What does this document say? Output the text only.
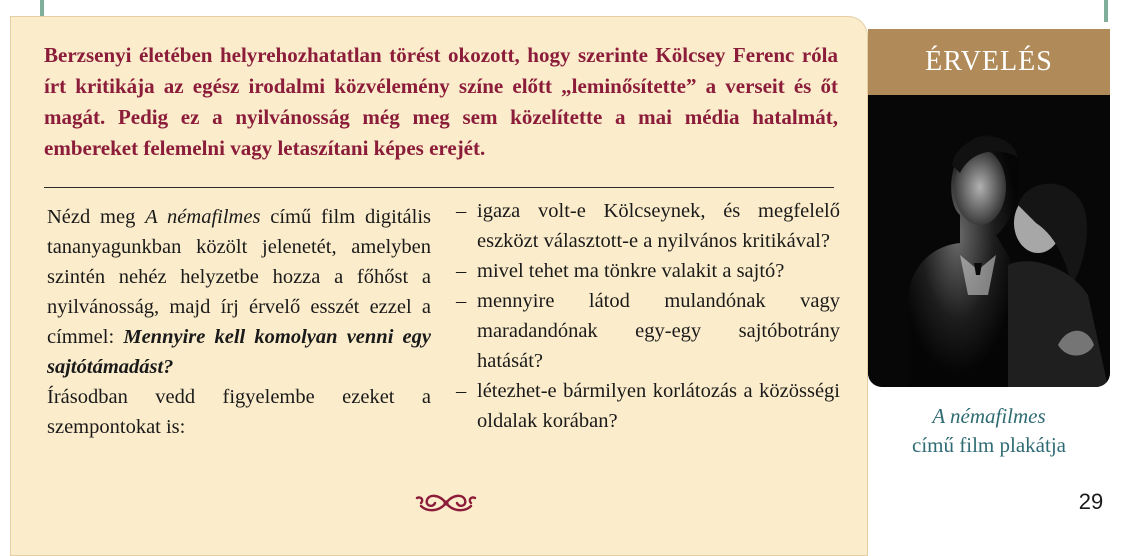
Berzsenyi életében helyrehozhatatlan törést okozott, hogy szerinte Kölcsey Ferenc róla írt kritikája az egész irodalmi közvélemény színe előtt „leminősítette” a verseit és őt magát. Pedig ez a nyilvánosság még meg sem közelítette a mai média hatalmát, embereket felemelni vagy letaszítani képes erejét.

Nézd meg A némafilmes című film digitális tananyagunkban közölt jelenetét, amelyben szintén nehéz helyzetbe hozza a főhőst a nyilvánosság, majd írj érvelő esszét ezzel a címmel: Mennyire kell komolyan venni egy sajtótámadást?

Írásodban vedd figyelembe ezeket a szempontokat is:

– igaza volt-e Kölcseynek, és megfelelő eszközt választott-e a nyilvános kritikával?
– mivel tehet ma tönkre valakit a sajtó?
– mennyire látod mulandónak vagy maradandónak egy-egy sajtóbotrány hatását?
– létezhet-e bármilyen korlátozás a közösségi oldalak korában?
ÉRVELÉS

A némafilmes
című film plakátja

29
